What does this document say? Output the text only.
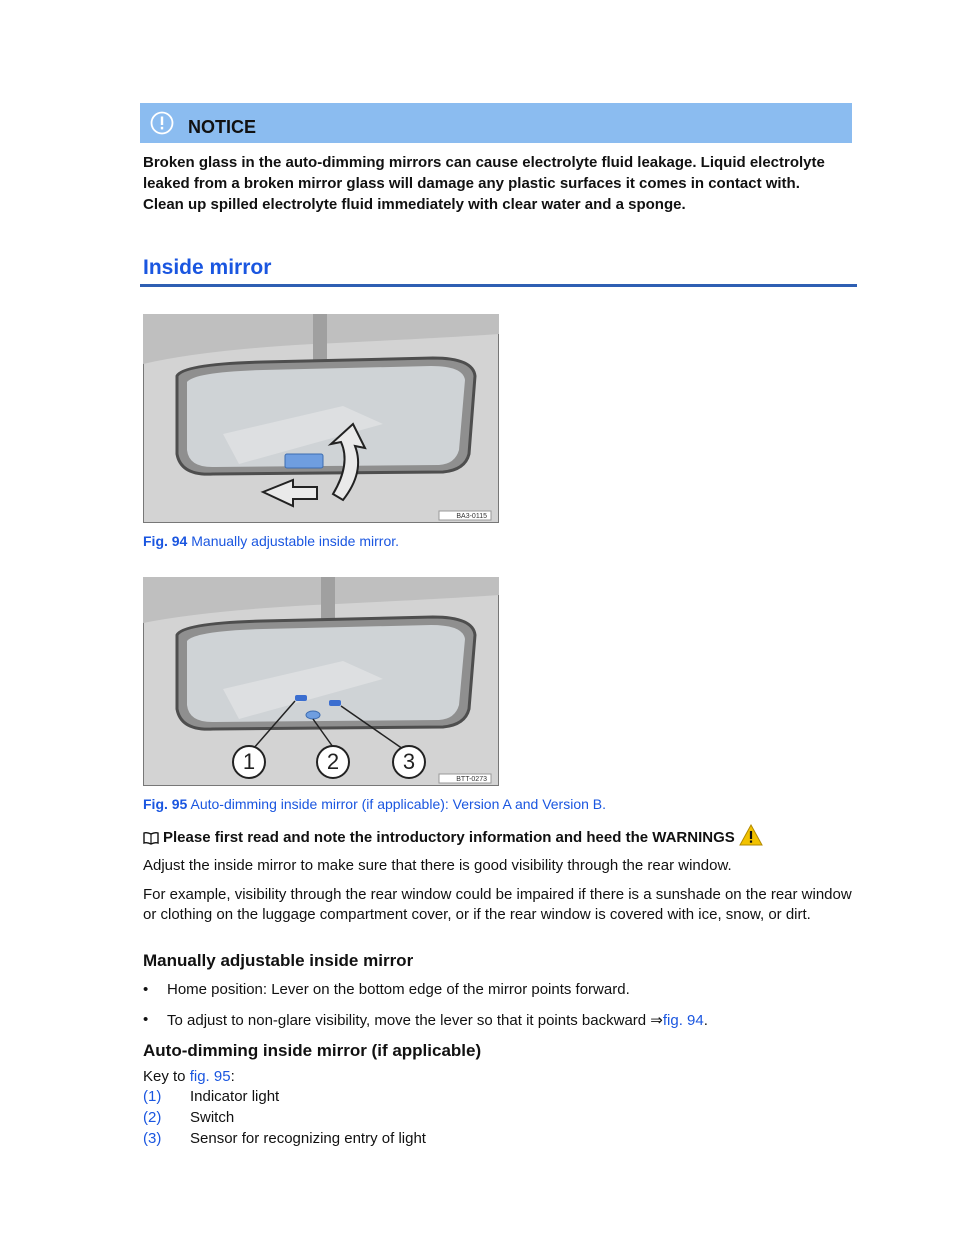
NOTICE
Broken glass in the auto-dimming mirrors can cause electrolyte fluid leakage. Liquid electrolyte leaked from a broken mirror glass will damage any plastic surfaces it comes in contact with. Clean up spilled electrolyte fluid immediately with clear water and a sponge.
Inside mirror
BA3-0115
Fig. 94 Manually adjustable inside mirror.
1	2	3
BTT-0273
Fig. 95 Auto-dimming inside mirror (if applicable): Version A and Version B.
Please first read and note the introductory information and heed the WARNINGS
Adjust the inside mirror to make sure that there is good visibility through the rear window.
For example, visibility through the rear window could be impaired if there is a sunshade on the rear window or clothing on the luggage compartment cover, or if the rear window is covered with ice, snow, or dirt.
Manually adjustable inside mirror
•	Home position: Lever on the bottom edge of the mirror points forward.
•	To adjust to non-glare visibility, move the lever so that it points backward ⇒fig. 94.
Auto-dimming inside mirror (if applicable)
Key to fig. 95:
(1)	Indicator light
(2)	Switch
(3)	Sensor for recognizing entry of light
